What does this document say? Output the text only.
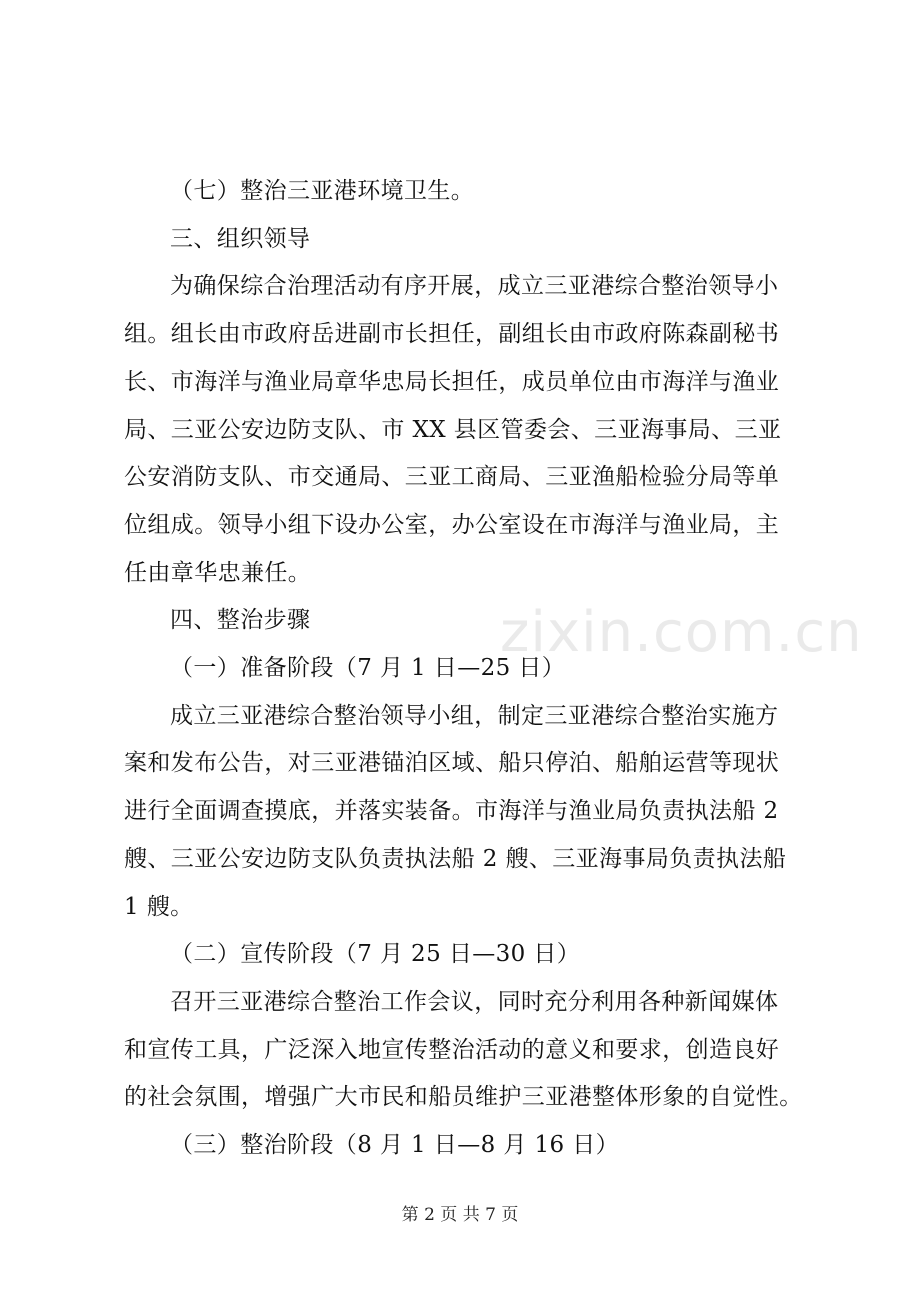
（七）整治三亚港环境卫生。
三、组织领导
为确保综合治理活动有序开展，成立三亚港综合整治领导小
组。组长由市政府岳进副市长担任，副组长由市政府陈森副秘书
长、市海洋与渔业局章华忠局长担任，成员单位由市海洋与渔业
局、三亚公安边防支队、市 XX 县区管委会、三亚海事局、三亚
公安消防支队、市交通局、三亚工商局、三亚渔船检验分局等单
位组成。领导小组下设办公室，办公室设在市海洋与渔业局，主
任由章华忠兼任。
四、整治步骤
（一）准备阶段（7 月 1 日—25 日）
成立三亚港综合整治领导小组，制定三亚港综合整治实施方
案和发布公告，对三亚港锚泊区域、船只停泊、船舶运营等现状
进行全面调查摸底，并落实装备。市海洋与渔业局负责执法船 2
艘、三亚公安边防支队负责执法船 2 艘、三亚海事局负责执法船
1 艘。
（二）宣传阶段（7 月 25 日—30 日）
召开三亚港综合整治工作会议，同时充分利用各种新闻媒体
和宣传工具，广泛深入地宣传整治活动的意义和要求，创造良好
的社会氛围，增强广大市民和船员维护三亚港整体形象的自觉性。
（三）整治阶段（8 月 1 日—8 月 16 日）
zixin.com.cn
第 2 页 共 7 页
